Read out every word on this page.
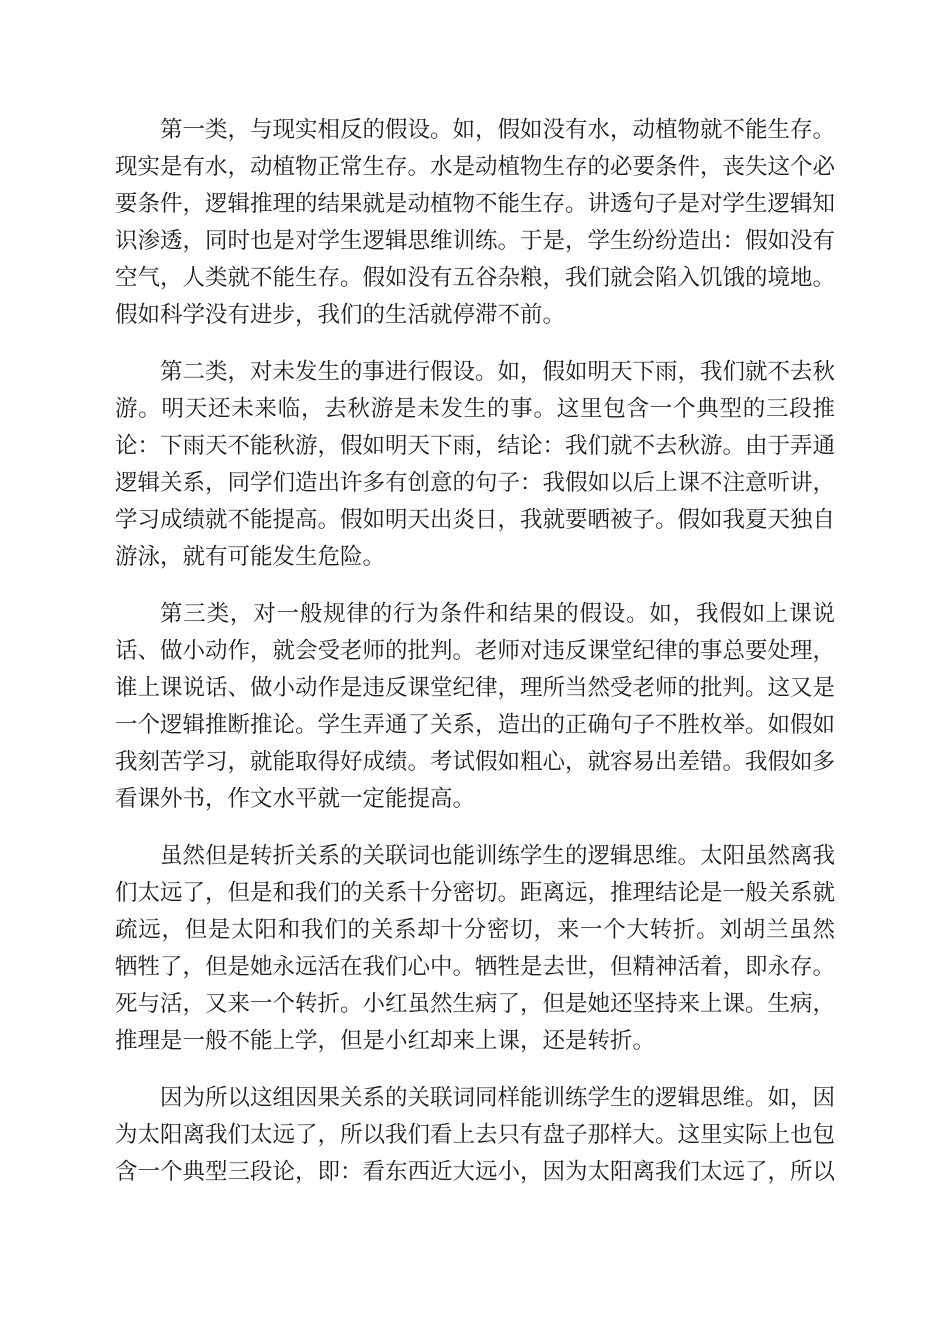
第一类，与现实相反的假设。如，假如没有水，动植物就不能生存。
现实是有水，动植物正常生存。水是动植物生存的必要条件，丧失这个必
要条件，逻辑推理的结果就是动植物不能生存。讲透句子是对学生逻辑知
识渗透，同时也是对学生逻辑思维训练。于是，学生纷纷造出：假如没有
空气，人类就不能生存。假如没有五谷杂粮，我们就会陷入饥饿的境地。
假如科学没有进步，我们的生活就停滞不前。

第二类，对未发生的事进行假设。如，假如明天下雨，我们就不去秋
游。明天还未来临，去秋游是未发生的事。这里包含一个典型的三段推
论：下雨天不能秋游，假如明天下雨，结论：我们就不去秋游。由于弄通
逻辑关系，同学们造出许多有创意的句子：我假如以后上课不注意听讲，
学习成绩就不能提高。假如明天出炎日，我就要晒被子。假如我夏天独自
游泳，就有可能发生危险。

第三类，对一般规律的行为条件和结果的假设。如，我假如上课说
话、做小动作，就会受老师的批判。老师对违反课堂纪律的事总要处理，
谁上课说话、做小动作是违反课堂纪律，理所当然受老师的批判。这又是
一个逻辑推断推论。学生弄通了关系，造出的正确句子不胜枚举。如假如
我刻苦学习，就能取得好成绩。考试假如粗心，就容易出差错。我假如多
看课外书，作文水平就一定能提高。

虽然但是转折关系的关联词也能训练学生的逻辑思维。太阳虽然离我
们太远了，但是和我们的关系十分密切。距离远，推理结论是一般关系就
疏远，但是太阳和我们的关系却十分密切，来一个大转折。刘胡兰虽然
牺牲了，但是她永远活在我们心中。牺牲是去世，但精神活着，即永存。
死与活，又来一个转折。小红虽然生病了，但是她还坚持来上课。生病，
推理是一般不能上学，但是小红却来上课，还是转折。

因为所以这组因果关系的关联词同样能训练学生的逻辑思维。如，因
为太阳离我们太远了，所以我们看上去只有盘子那样大。这里实际上也包
含一个典型三段论，即：看东西近大远小，因为太阳离我们太远了，所以
